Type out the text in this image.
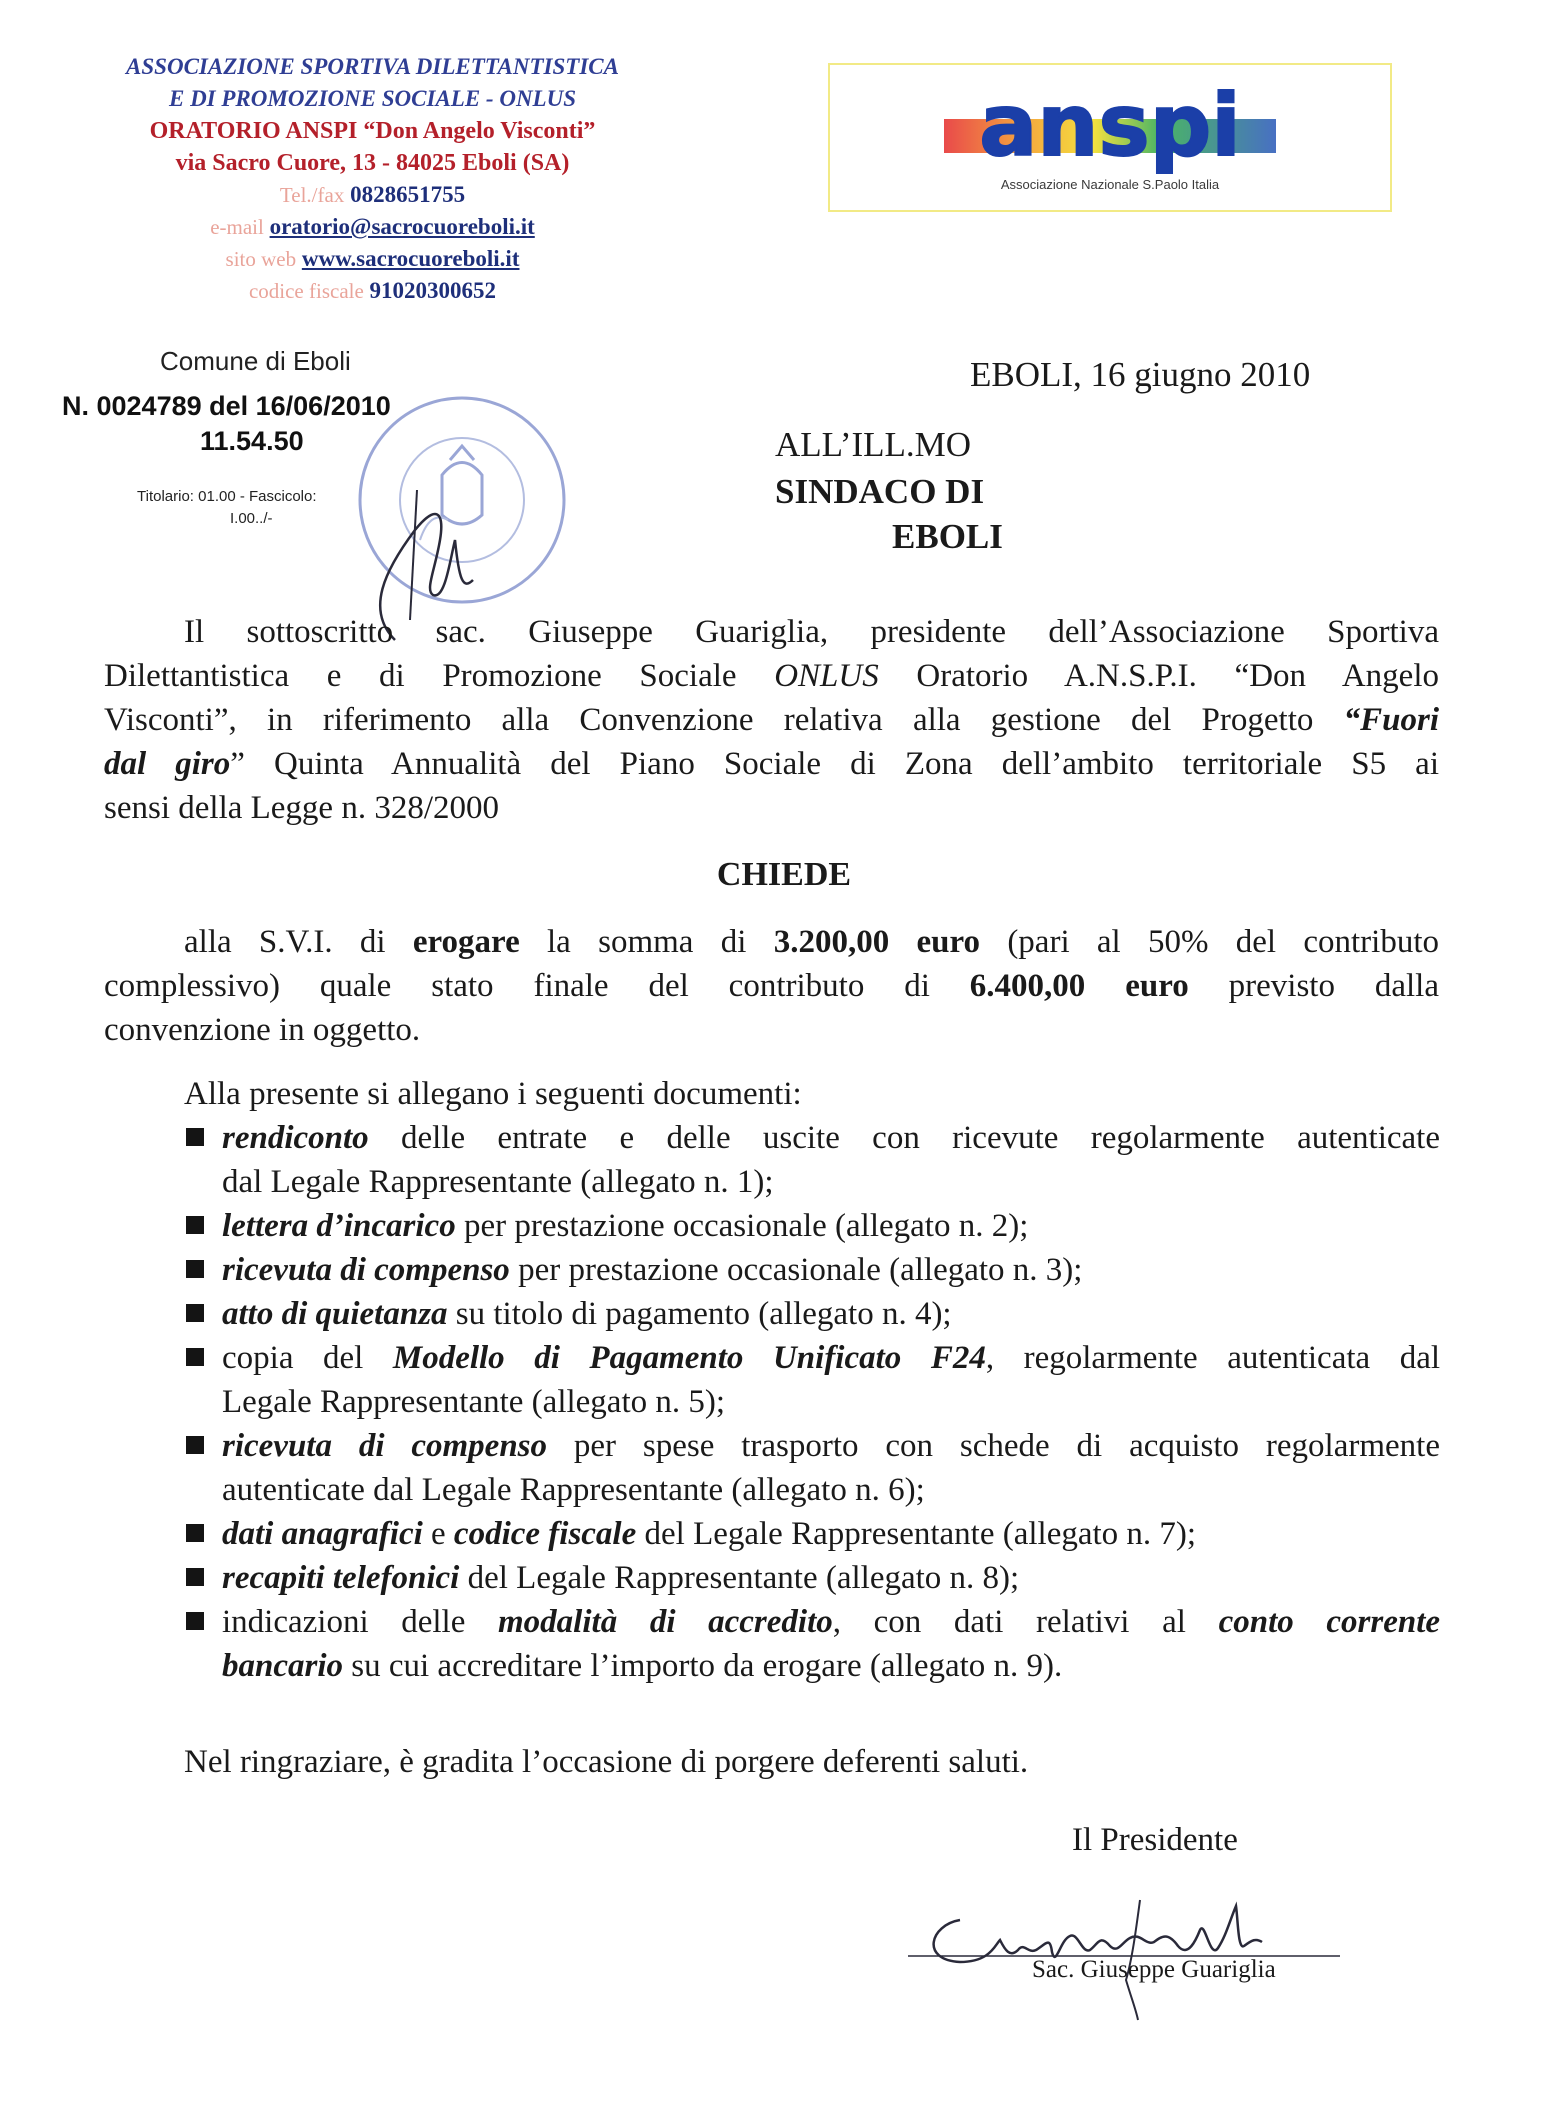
ASSOCIAZIONE SPORTIVA DILETTANTISTICA
E DI PROMOZIONE SOCIALE - ONLUS
ORATORIO ANSPI “Don Angelo Visconti”
via Sacro Cuore, 13 - 84025 Eboli (SA)
Tel./fax 0828651755
e-mail oratorio@sacrocuoreboli.it
sito web www.sacrocuoreboli.it
codice fiscale 91020300652
anspi
Associazione Nazionale S.Paolo Italia
Comune di Eboli
N. 0024789 del 16/06/2010
11.54.50
Titolario: 01.00 - Fascicolo:
I.00../-
EBOLI, 16 giugno 2010
ALL’ILL.MO
SINDACO DI
EBOLI
Il sottoscritto sac. Giuseppe Guariglia, presidente dell’Associazione Sportiva
Dilettantistica e di Promozione Sociale ONLUS Oratorio A.N.S.P.I. “Don Angelo
Visconti”, in riferimento alla Convenzione relativa alla gestione del Progetto “Fuori
dal giro” Quinta Annualità del Piano Sociale di Zona dell’ambito territoriale S5 ai
sensi della Legge n. 328/2000
CHIEDE
alla S.V.I. di erogare la somma di 3.200,00 euro (pari al 50% del contributo
complessivo) quale stato finale del contributo di 6.400,00 euro previsto dalla
convenzione in oggetto.
Alla presente si allegano i seguenti documenti:
rendiconto delle entrate e delle uscite con ricevute regolarmente autenticate
dal Legale Rappresentante (allegato n. 1);
lettera d’incarico per prestazione occasionale (allegato n. 2);
ricevuta di compenso per prestazione occasionale (allegato n. 3);
atto di quietanza su titolo di pagamento (allegato n. 4);
copia del Modello di Pagamento Unificato F24, regolarmente autenticata dal
Legale Rappresentante (allegato n. 5);
ricevuta di compenso per spese trasporto con schede di acquisto regolarmente
autenticate dal Legale Rappresentante (allegato n. 6);
dati anagrafici e codice fiscale del Legale Rappresentante (allegato n. 7);
recapiti telefonici del Legale Rappresentante (allegato n. 8);
indicazioni delle modalità di accredito, con dati relativi al conto corrente
bancario su cui accreditare l’importo da erogare (allegato n. 9).
Nel ringraziare, è gradita l’occasione di porgere deferenti saluti.
Il Presidente
Sac. Giuseppe Guariglia
